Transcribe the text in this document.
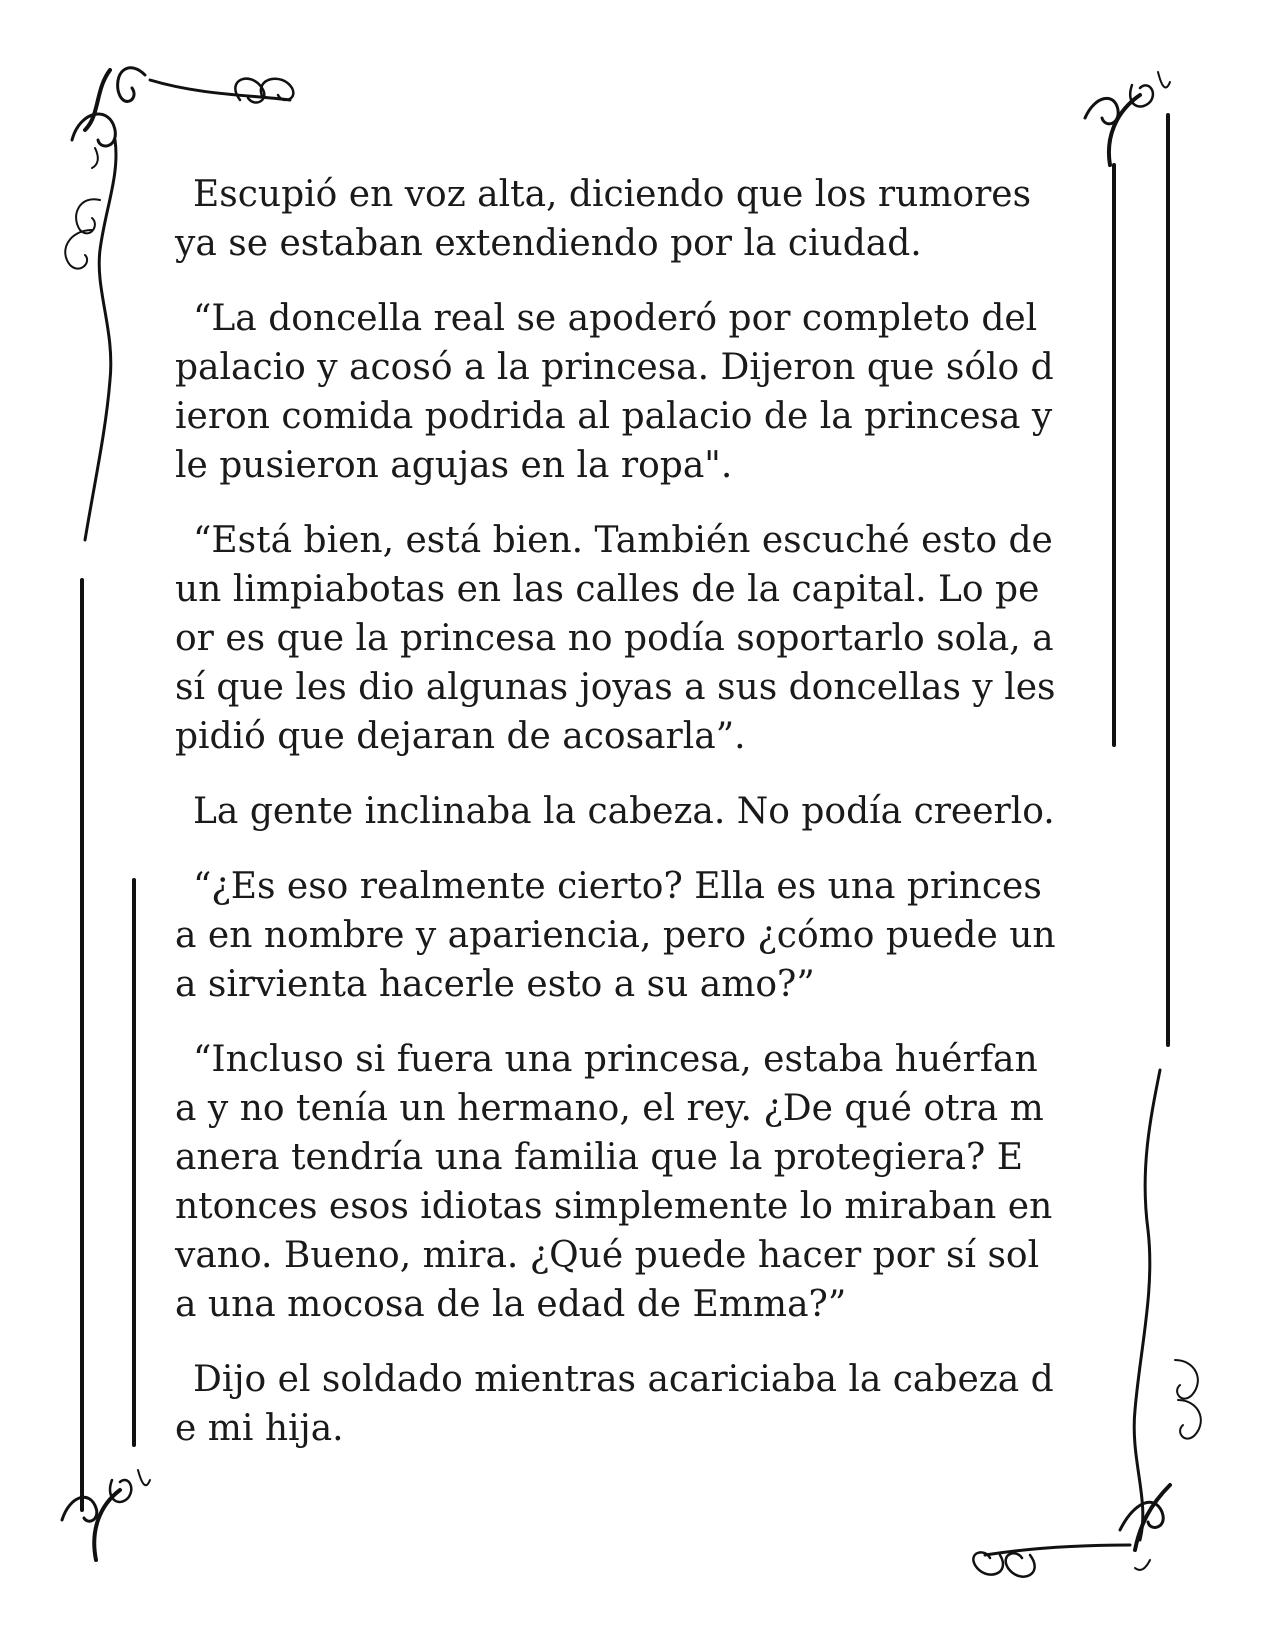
Escupió en voz alta, diciendo que los rumores
ya se estaban extendiendo por la ciudad.

“La doncella real se apoderó por completo del
palacio y acosó a la princesa. Dijeron que sólo d
ieron comida podrida al palacio de la princesa y
le pusieron agujas en la ropa".

“Está bien, está bien. También escuché esto de
un limpiabotas en las calles de la capital. Lo pe
or es que la princesa no podía soportarlo sola, a
sí que les dio algunas joyas a sus doncellas y les
pidió que dejaran de acosarla”.

La gente inclinaba la cabeza. No podía creerlo.

“¿Es eso realmente cierto? Ella es una princes
a en nombre y apariencia, pero ¿cómo puede un
a sirvienta hacerle esto a su amo?”

“Incluso si fuera una princesa, estaba huérfan
a y no tenía un hermano, el rey. ¿De qué otra m
anera tendría una familia que la protegiera? E
ntonces esos idiotas simplemente lo miraban en
vano. Bueno, mira. ¿Qué puede hacer por sí sol
a una mocosa de la edad de Emma?”

Dijo el soldado mientras acariciaba la cabeza d
e mi hija.
